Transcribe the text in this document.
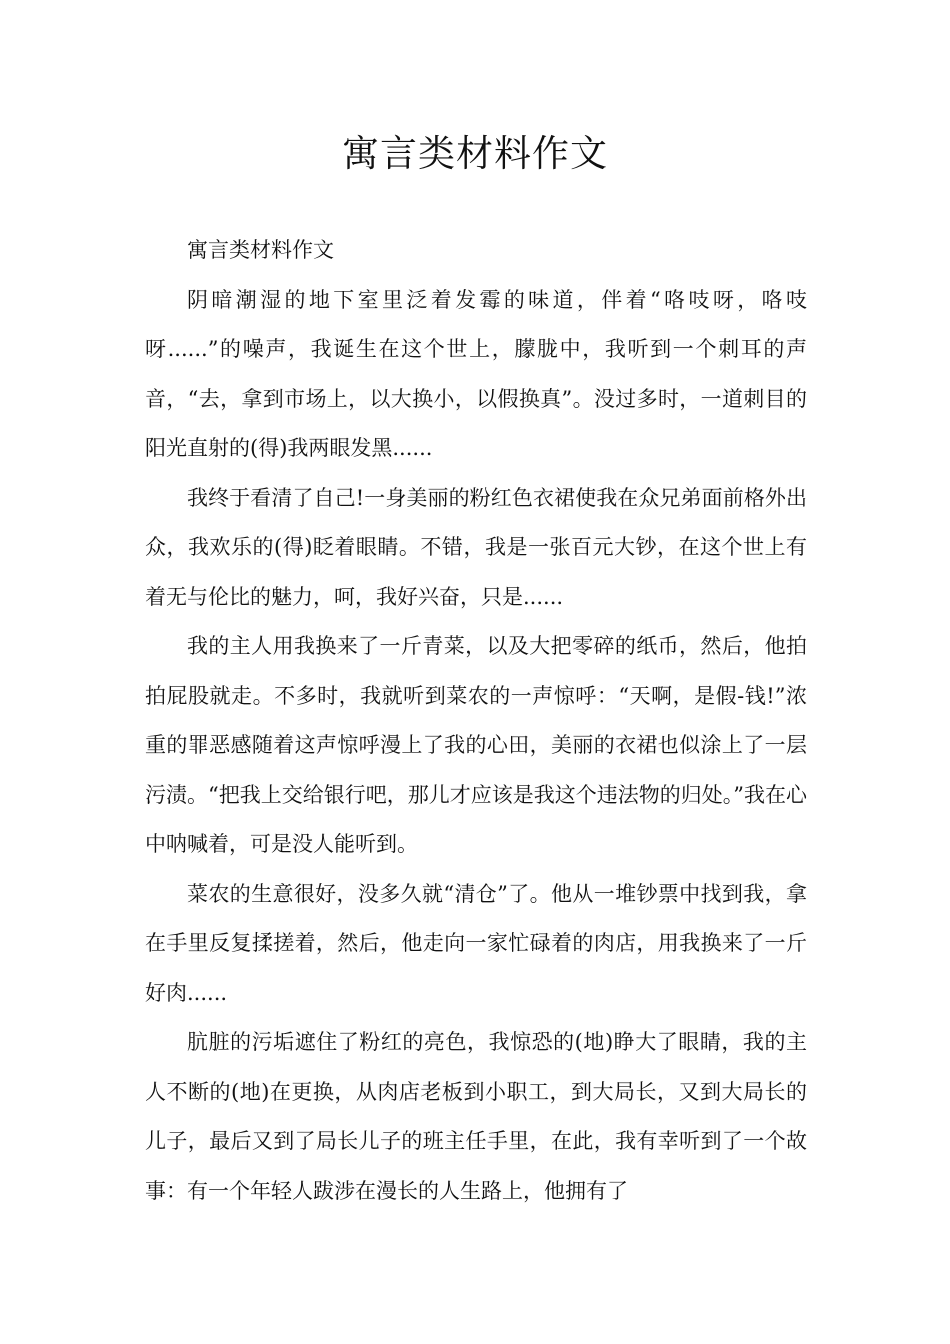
寓言类材料作文

寓言类材料作文

阴暗潮湿的地下室里泛着发霉的味道，伴着“咯吱呀，咯吱呀......”的噪声，我诞生在这个世上，朦胧中，我听到一个刺耳的声音，“去，拿到市场上，以大换小，以假换真”。没过多时，一道刺目的阳光直射的(得)我两眼发黑......

我终于看清了自己!一身美丽的粉红色衣裙使我在众兄弟面前格外出众，我欢乐的(得)眨着眼睛。不错，我是一张百元大钞，在这个世上有着无与伦比的魅力，呵，我好兴奋，只是......

我的主人用我换来了一斤青菜，以及大把零碎的纸币，然后，他拍拍屁股就走。不多时，我就听到菜农的一声惊呼：“天啊，是假-钱!”浓重的罪恶感随着这声惊呼漫上了我的心田，美丽的衣裙也似涂上了一层污渍。“把我上交给银行吧，那儿才应该是我这个违法物的归处。”我在心中呐喊着，可是没人能听到。

菜农的生意很好，没多久就“清仓”了。他从一堆钞票中找到我，拿在手里反复揉搓着，然后，他走向一家忙碌着的肉店，用我换来了一斤好肉......

肮脏的污垢遮住了粉红的亮色，我惊恐的(地)睁大了眼睛，我的主人不断的(地)在更换，从肉店老板到小职工，到大局长，又到大局长的儿子，最后又到了局长儿子的班主任手里，在此，我有幸听到了一个故事：有一个年轻人跋涉在漫长的人生路上，他拥有了
